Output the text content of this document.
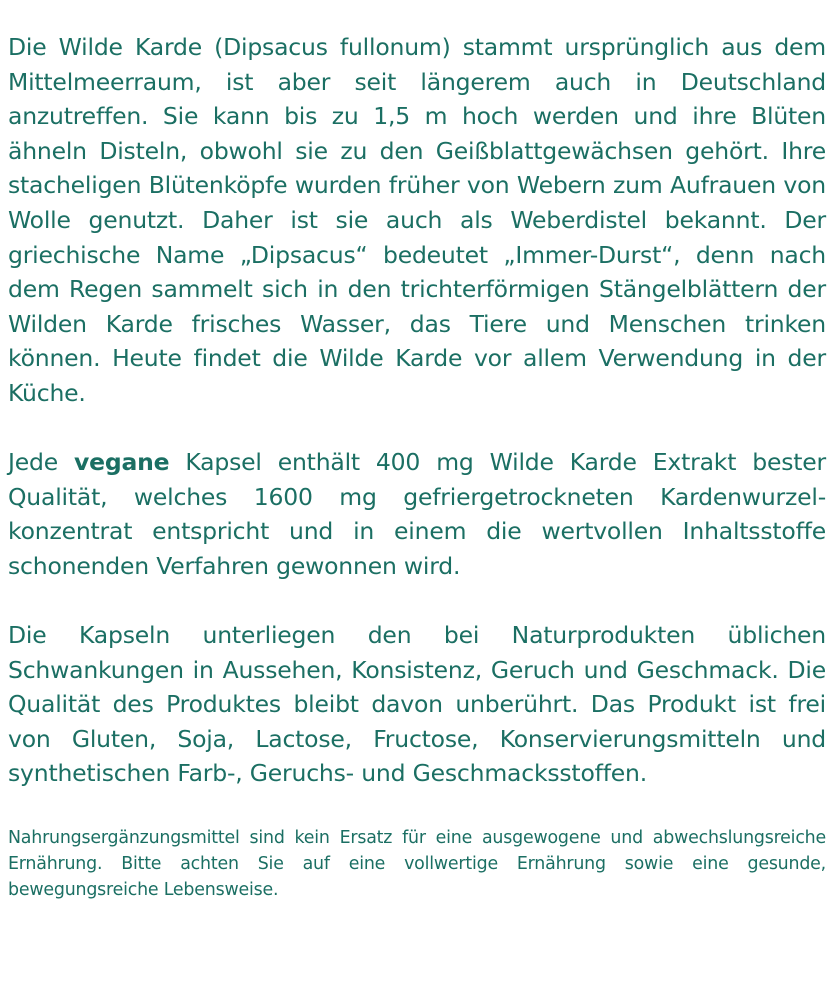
Die Wilde Karde (Dipsacus fullonum) stammt ursprünglich aus dem Mittelmeerraum, ist aber seit längerem auch in Deutschland anzutreffen. Sie kann bis zu 1,5 m hoch werden und ihre Blüten ähneln Disteln, obwohl sie zu den Geißblattgewächsen gehört. Ihre stacheligen Blütenköpfe wurden früher von Webern zum Aufrauen von Wolle genutzt. Daher ist sie auch als Weberdistel bekannt. Der griechische Name „Dipsacus“ bedeutet „Immer-Durst“, denn nach dem Regen sammelt sich in den trichterförmigen Stängelblättern der Wilden Karde frisches Wasser, das Tiere und Menschen trinken können. Heute findet die Wilde Karde vor allem Verwendung in der Küche.

Jede vegane Kapsel enthält 400 mg Wilde Karde Extrakt bester Qualität, welches 1600 mg gefriergetrockneten Kardenwurzel-konzentrat entspricht und in einem die wertvollen Inhaltsstoffe schonenden Verfahren gewonnen wird.

Die Kapseln unterliegen den bei Naturprodukten üblichen Schwankungen in Aussehen, Konsistenz, Geruch und Geschmack. Die Qualität des Produktes bleibt davon unberührt. Das Produkt ist frei von Gluten, Soja, Lactose, Fructose, Konservierungsmitteln und synthetischen Farb-, Geruchs- und Geschmacksstoffen.

Nahrungsergänzungsmittel sind kein Ersatz für eine ausgewogene und abwechslungsreiche Ernährung. Bitte achten Sie auf eine vollwertige Ernährung sowie eine gesunde, bewegungsreiche Lebensweise.
